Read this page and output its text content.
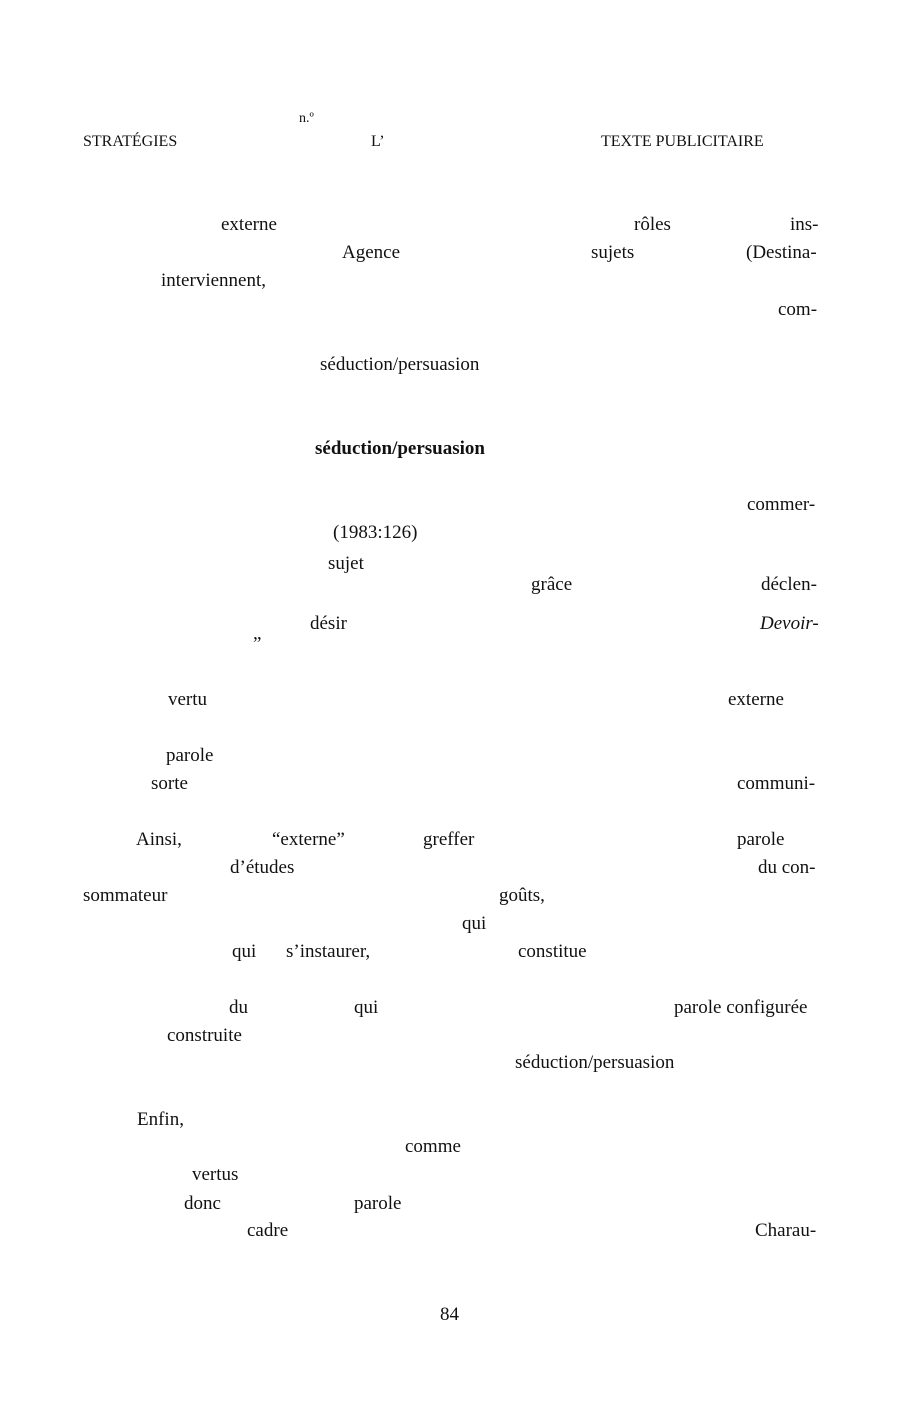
n.º
STRATÉGIES	L’	TEXTE PUBLICITAIRE
externe	rôles	ins-
Agence	sujets	(Destina-
interviennent,
com-
séduction/persuasion
séduction/persuasion
commer-
(1983:126)
sujet
grâce	déclen-
désir	Devoir-
„
vertu	externe
parole
sorte	communi-
Ainsi,	“externe”	greffer	parole
d’études	du con-
sommateur	goûts,
qui
qui s’instaurer,	constitue
du	qui	parole configurée
construite
séduction/persuasion
Enfin,
comme
vertus
donc	parole
cadre	Charau-
84
